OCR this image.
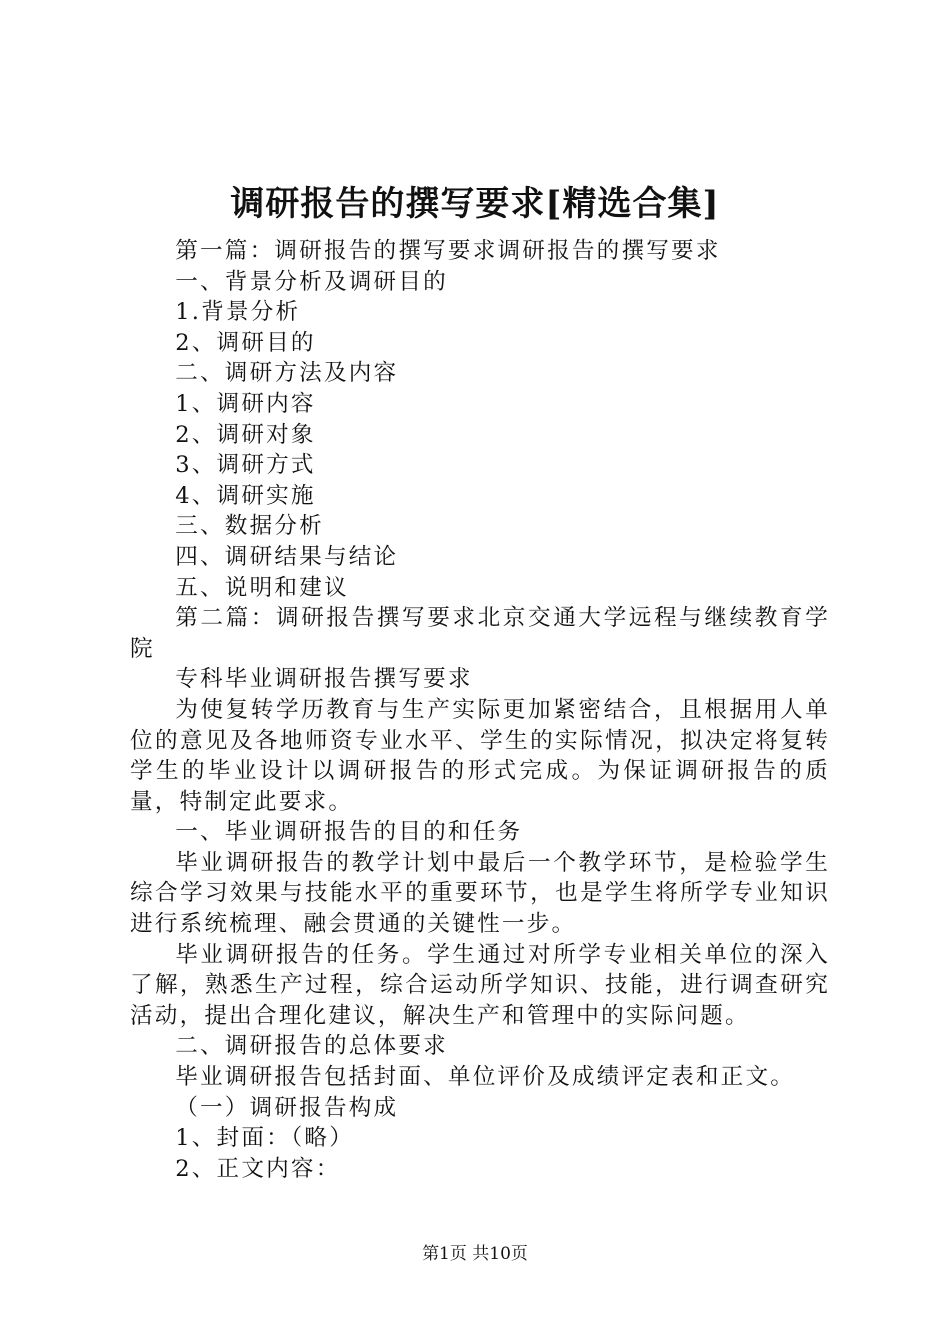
调研报告的撰写要求[精选合集]

第一篇：调研报告的撰写要求调研报告的撰写要求

一、背景分析及调研目的

1.背景分析

2、调研目的

二、调研方法及内容

1、调研内容

2、调研对象

3、调研方式

4、调研实施

三、数据分析

四、调研结果与结论

五、说明和建议

第二篇：调研报告撰写要求北京交通大学远程与继续教育学院

专科毕业调研报告撰写要求

为使复转学历教育与生产实际更加紧密结合，且根据用人单位的意见及各地师资专业水平、学生的实际情况，拟决定将复转学生的毕业设计以调研报告的形式完成。为保证调研报告的质量，特制定此要求。

一、毕业调研报告的目的和任务

毕业调研报告的教学计划中最后一个教学环节，是检验学生综合学习效果与技能水平的重要环节，也是学生将所学专业知识进行系统梳理、融会贯通的关键性一步。

毕业调研报告的任务。学生通过对所学专业相关单位的深入了解，熟悉生产过程，综合运动所学知识、技能，进行调查研究活动，提出合理化建议，解决生产和管理中的实际问题。

二、调研报告的总体要求

毕业调研报告包括封面、单位评价及成绩评定表和正文。

（一）调研报告构成

1、封面：（略）

2、正文内容：

第1页 共10页
